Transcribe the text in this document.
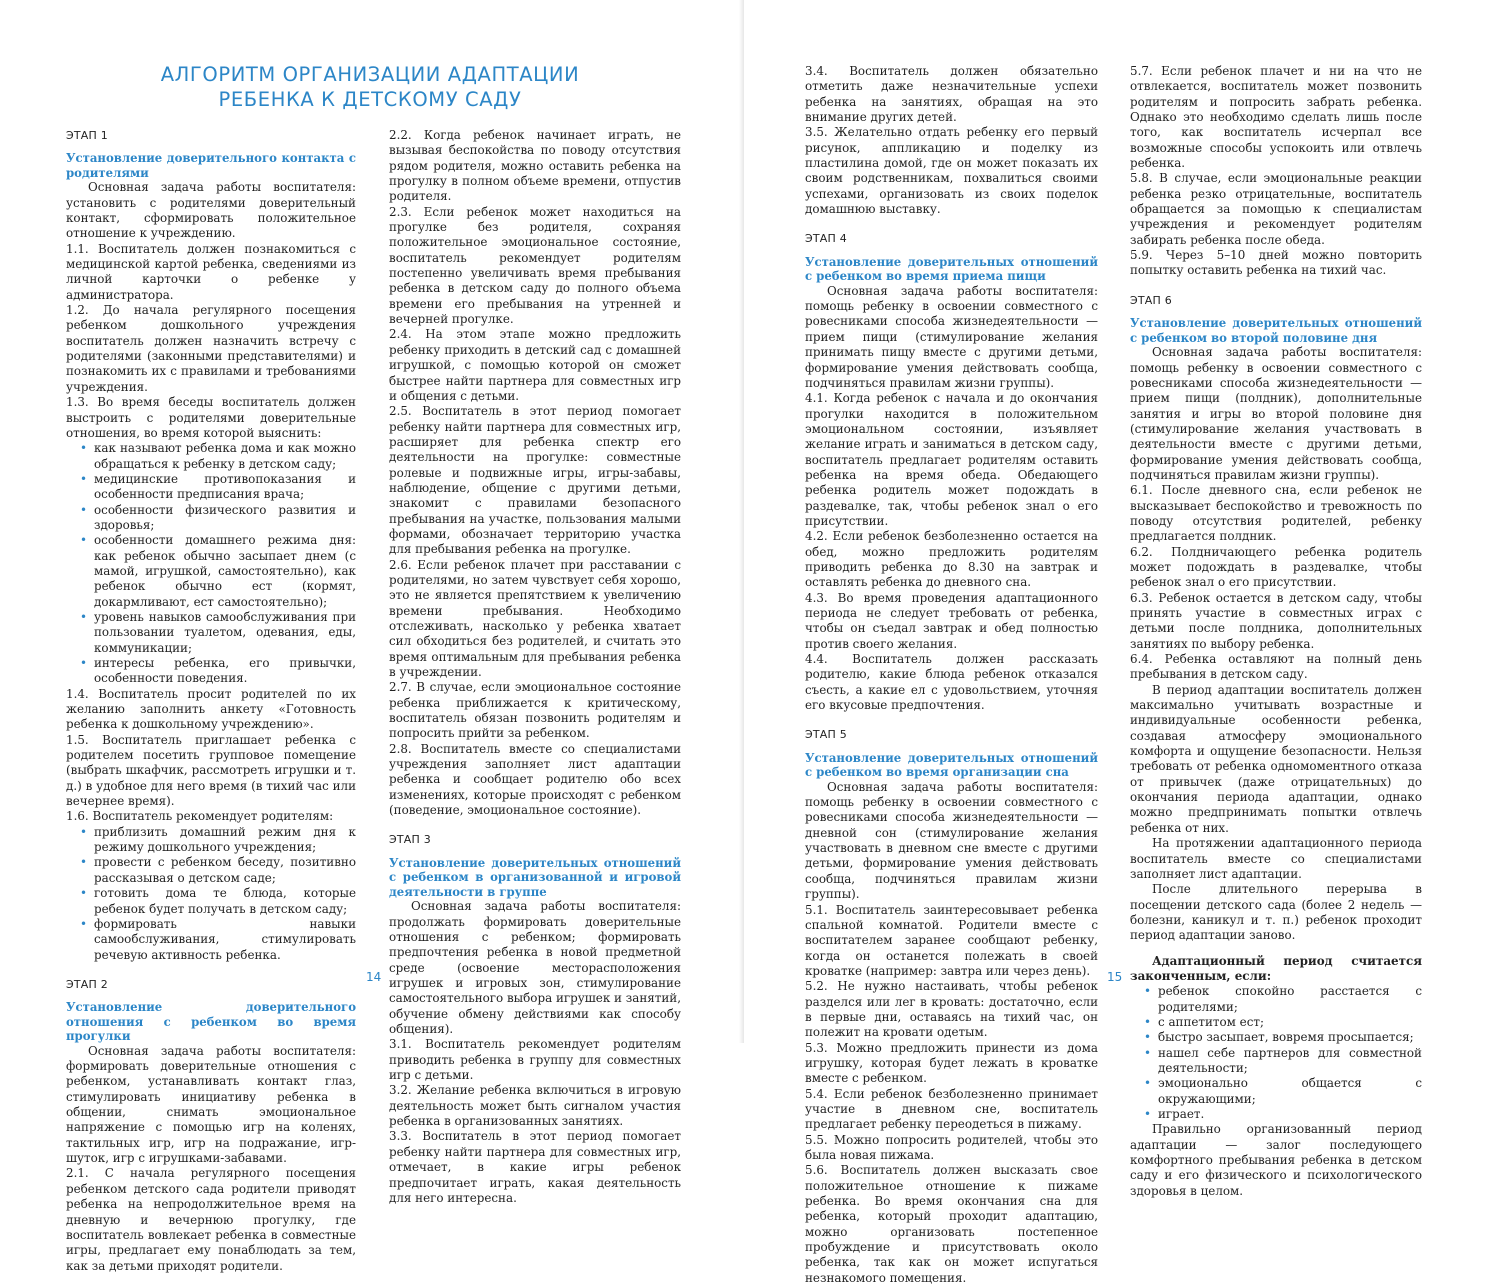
АЛГОРИТМ ОРГАНИЗАЦИИ АДАПТАЦИИ
РЕБЕНКА К ДЕТСКОМУ САДУ

ЭТАП 1

Установление доверительного контакта с родителями

Основная задача работы воспитателя: установить с родителями доверительный контакт, сформировать положительное отношение к учреждению.

1.1. Воспитатель должен познакомиться с медицинской картой ребенка, сведениями из личной карточки о ребенке у администратора.

1.2. До начала регулярного посещения ребенком дошкольного учреждения воспитатель должен назначить встречу с родителями (законными представителями) и познакомить их с правилами и требованиями учреждения.

1.3. Во время беседы воспитатель должен выстроить с родителями доверительные отношения, во время которой выяснить:

• как называют ребенка дома и как можно обращаться к ребенку в детском саду;
• медицинские противопоказания и особенности предписания врача;
• особенности физического развития и здоровья;
• особенности домашнего режима дня: как ребенок обычно засыпает днем (с мамой, игрушкой, самостоятельно), как ребенок обычно ест (кормят, докармливают, ест самостоятельно);
• уровень навыков самообслуживания при пользовании туалетом, одевания, еды, коммуникации;
• интересы ребенка, его привычки, особенности поведения.

1.4. Воспитатель просит родителей по их желанию заполнить анкету «Готовность ребенка к дошкольному учреждению».

1.5. Воспитатель приглашает ребенка с родителем посетить групповое помещение (выбрать шкафчик, рассмотреть игрушки и т. д.) в удобное для него время (в тихий час или вечернее время).

1.6. Воспитатель рекомендует родителям:

• приблизить домашний режим дня к режиму дошкольного учреждения;
• провести с ребенком беседу, позитивно рассказывая о детском саде;
• готовить дома те блюда, которые ребенок будет получать в детском саду;
• формировать навыки самообслуживания, стимулировать речевую активность ребенка.

ЭТАП 2

Установление доверительного отношения с ребенком во время прогулки

Основная задача работы воспитателя: формировать доверительные отношения с ребенком, устанавливать контакт глаз, стимулировать инициативу ребенка в общении, снимать эмоциональное напряжение с помощью игр на коленях, тактильных игр, игр на подражание, игр-шуток, игр с игрушками-забавами.

2.1. С начала регулярного посещения ребенком детского сада родители приводят ребенка на непродолжительное время на дневную и вечернюю прогулку, где воспитатель вовлекает ребенка в совместные игры, предлагает ему понаблюдать за тем, как за детьми приходят родители.

2.2. Когда ребенок начинает играть, не вызывая беспокойства по поводу отсутствия рядом родителя, можно оставить ребенка на прогулку в полном объеме времени, отпустив родителя.

2.3. Если ребенок может находиться на прогулке без родителя, сохраняя положительное эмоциональное состояние, воспитатель рекомендует родителям постепенно увеличивать время пребывания ребенка в детском саду до полного объема времени его пребывания на утренней и вечерней прогулке.

2.4. На этом этапе можно предложить ребенку приходить в детский сад с домашней игрушкой, с помощью которой он сможет быстрее найти партнера для совместных игр и общения с детьми.

2.5. Воспитатель в этот период помогает ребенку найти партнера для совместных игр, расширяет для ребенка спектр его деятельности на прогулке: совместные ролевые и подвижные игры, игры-забавы, наблюдение, общение с другими детьми, знакомит с правилами безопасного пребывания на участке, пользования малыми формами, обозначает территорию участка для пребывания ребенка на прогулке.

2.6. Если ребенок плачет при расставании с родителями, но затем чувствует себя хорошо, это не является препятствием к увеличению времени пребывания. Необходимо отслеживать, насколько у ребенка хватает сил обходиться без родителей, и считать это время оптимальным для пребывания ребенка в учреждении.

2.7. В случае, если эмоциональное состояние ребенка приближается к критическому, воспитатель обязан позвонить родителям и попросить прийти за ребенком.

2.8. Воспитатель вместе со специалистами учреждения заполняет лист адаптации ребенка и сообщает родителю обо всех изменениях, которые происходят с ребенком (поведение, эмоциональное состояние).

ЭТАП 3

Установление доверительных отношений с ребенком в организованной и игровой деятельности в группе

Основная задача работы воспитателя: продолжать формировать доверительные отношения с ребенком; формировать предпочтения ребенка в новой предметной среде (освоение месторасположения игрушек и игровых зон, стимулирование самостоятельного выбора игрушек и занятий, обучение обмену действиями как способу общения).

3.1. Воспитатель рекомендует родителям приводить ребенка в группу для совместных игр с детьми.

3.2. Желание ребенка включиться в игровую деятельность может быть сигналом участия ребенка в организованных занятиях.

3.3. Воспитатель в этот период помогает ребенку найти партнера для совместных игр, отмечает, в какие игры ребенок предпочитает играть, какая деятельность для него интересна.

14

3.4. Воспитатель должен обязательно отметить даже незначительные успехи ребенка на занятиях, обращая на это внимание других детей.

3.5. Желательно отдать ребенку его первый рисунок, аппликацию и поделку из пластилина домой, где он может показать их своим родственникам, похвалиться своими успехами, организовать из своих поделок домашнюю выставку.

ЭТАП 4

Установление доверительных отношений с ребенком во время приема пищи

Основная задача работы воспитателя: помощь ребенку в освоении совместного с ровесниками способа жизнедеятельности — прием пищи (стимулирование желания принимать пищу вместе с другими детьми, формирование умения действовать сообща, подчиняться правилам жизни группы).

4.1. Когда ребенок с начала и до окончания прогулки находится в положительном эмоциональном состоянии, изъявляет желание играть и заниматься в детском саду, воспитатель предлагает родителям оставить ребенка на время обеда. Обедающего ребенка родитель может подождать в раздевалке, так, чтобы ребенок знал о его присутствии.

4.2. Если ребенок безболезненно остается на обед, можно предложить родителям приводить ребенка до 8.30 на завтрак и оставлять ребенка до дневного сна.

4.3. Во время проведения адаптационного периода не следует требовать от ребенка, чтобы он съедал завтрак и обед полностью против своего желания.

4.4. Воспитатель должен рассказать родителю, какие блюда ребенок отказался съесть, а какие ел с удовольствием, уточняя его вкусовые предпочтения.

ЭТАП 5

Установление доверительных отношений с ребенком во время организации сна

Основная задача работы воспитателя: помощь ребенку в освоении совместного с ровесниками способа жизнедеятельности — дневной сон (стимулирование желания участвовать в дневном сне вместе с другими детьми, формирование умения действовать сообща, подчиняться правилам жизни группы).

5.1. Воспитатель заинтересовывает ребенка спальной комнатой. Родители вместе с воспитателем заранее сообщают ребенку, когда он останется полежать в своей кроватке (например: завтра или через день).

5.2. Не нужно настаивать, чтобы ребенок разделся или лег в кровать: достаточно, если в первые дни, оставаясь на тихий час, он полежит на кровати одетым.

5.3. Можно предложить принести из дома игрушку, которая будет лежать в кроватке вместе с ребенком.

5.4. Если ребенок безболезненно принимает участие в дневном сне, воспитатель предлагает ребенку переодеться в пижаму.

5.5. Можно попросить родителей, чтобы это была новая пижама.

5.6. Воспитатель должен высказать свое положительное отношение к пижаме ребенка. Во время окончания сна для ребенка, который проходит адаптацию, можно организовать постепенное пробуждение и присутствовать около ребенка, так как он может испугаться незнакомого помещения.

5.7. Если ребенок плачет и ни на что не отвлекается, воспитатель может позвонить родителям и попросить забрать ребенка. Однако это необходимо сделать лишь после того, как воспитатель исчерпал все возможные способы успокоить или отвлечь ребенка.

5.8. В случае, если эмоциональные реакции ребенка резко отрицательные, воспитатель обращается за помощью к специалистам учреждения и рекомендует родителям забирать ребенка после обеда.

5.9. Через 5–10 дней можно повторить попытку оставить ребенка на тихий час.

ЭТАП 6

Установление доверительных отношений с ребенком во второй половине дня

Основная задача работы воспитателя: помощь ребенку в освоении совместного с ровесниками способа жизнедеятельности — прием пищи (полдник), дополнительные занятия и игры во второй половине дня (стимулирование желания участвовать в деятельности вместе с другими детьми, формирование умения действовать сообща, подчиняться правилам жизни группы).

6.1. После дневного сна, если ребенок не высказывает беспокойство и тревожность по поводу отсутствия родителей, ребенку предлагается полдник.

6.2. Полдничающего ребенка родитель может подождать в раздевалке, чтобы ребенок знал о его присутствии.

6.3. Ребенок остается в детском саду, чтобы принять участие в совместных играх с детьми после полдника, дополнительных занятиях по выбору ребенка.

6.4. Ребенка оставляют на полный день пребывания в детском саду.

В период адаптации воспитатель должен максимально учитывать возрастные и индивидуальные особенности ребенка, создавая атмосферу эмоционального комфорта и ощущение безопасности. Нельзя требовать от ребенка одномоментного отказа от привычек (даже отрицательных) до окончания периода адаптации, однако можно предпринимать попытки отвлечь ребенка от них.

На протяжении адаптационного периода воспитатель вместе со специалистами заполняет лист адаптации.

После длительного перерыва в посещении детского сада (более 2 недель — болезни, каникул и т. п.) ребенок проходит период адаптации заново.

Адаптационный период считается законченным, если:

• ребенок спокойно расстается с родителями;
• с аппетитом ест;
• быстро засыпает, вовремя просыпается;
• нашел себе партнеров для совместной деятельности;
• эмоционально общается с окружающими;
• играет.

Правильно организованный период адаптации — залог последующего комфортного пребывания ребенка в детском саду и его физического и психологического здоровья в целом.

15
